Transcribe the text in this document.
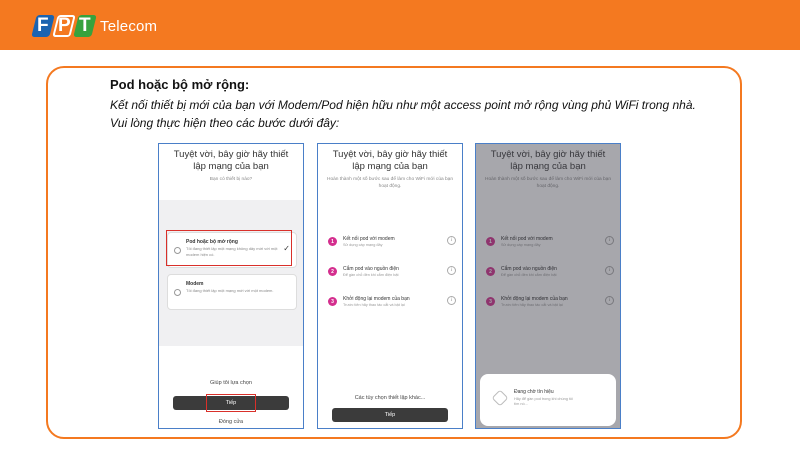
F P T Telecom
Pod hoặc bộ mở rộng:
Kết nối thiết bị mới của bạn với Modem/Pod hiện hữu như một access point mở rộng vùng phủ WiFi trong nhà.
Vui lòng thực hiện theo các bước dưới đây:
Tuyệt vời, bây giờ hãy thiết lập mạng của bạn
Bạn có thiết bị nào?
Pod hoặc bộ mở rộng
Tôi đang thiết lập một mạng không dây mới với một modem hiện có.
✓
Modem
Tôi đang thiết lập một mạng mới với một modem.
Giúp tôi lựa chọn
Tiếp
Đóng cửa
Tuyệt vời, bây giờ hãy thiết lập mạng của bạn
Hoàn thành một số bước sau để làm cho WiFi mới của bạn hoạt động.
1	Kết nối pod với modem
Sử dụng cáp mạng đây
i
2	Cắm pod vào nguồn điện
Để gần chỗ đèn khi cắm điện bật
i
3	Khởi động lại modem của bạn
Trước tiên hãy thao tác cắt và bật lại
i
Các tùy chọn thiết lập khác...
Tiếp
Tuyệt vời, bây giờ hãy thiết lập mạng của bạn
Hoàn thành một số bước sau để làm cho WiFi mới của bạn hoạt động.
1	Kết nối pod với modem
Sử dụng cáp mạng đây
i
2	Cắm pod vào nguồn điện
Để gần chỗ đèn khi cắm điện bật
i
3	Khởi động lại modem của bạn
Trước tiên hãy thao tác cắt và bật lại
i
Đang chờ tín hiệu
Hãy để gần pod trong khi chúng tôi tìm nó...
